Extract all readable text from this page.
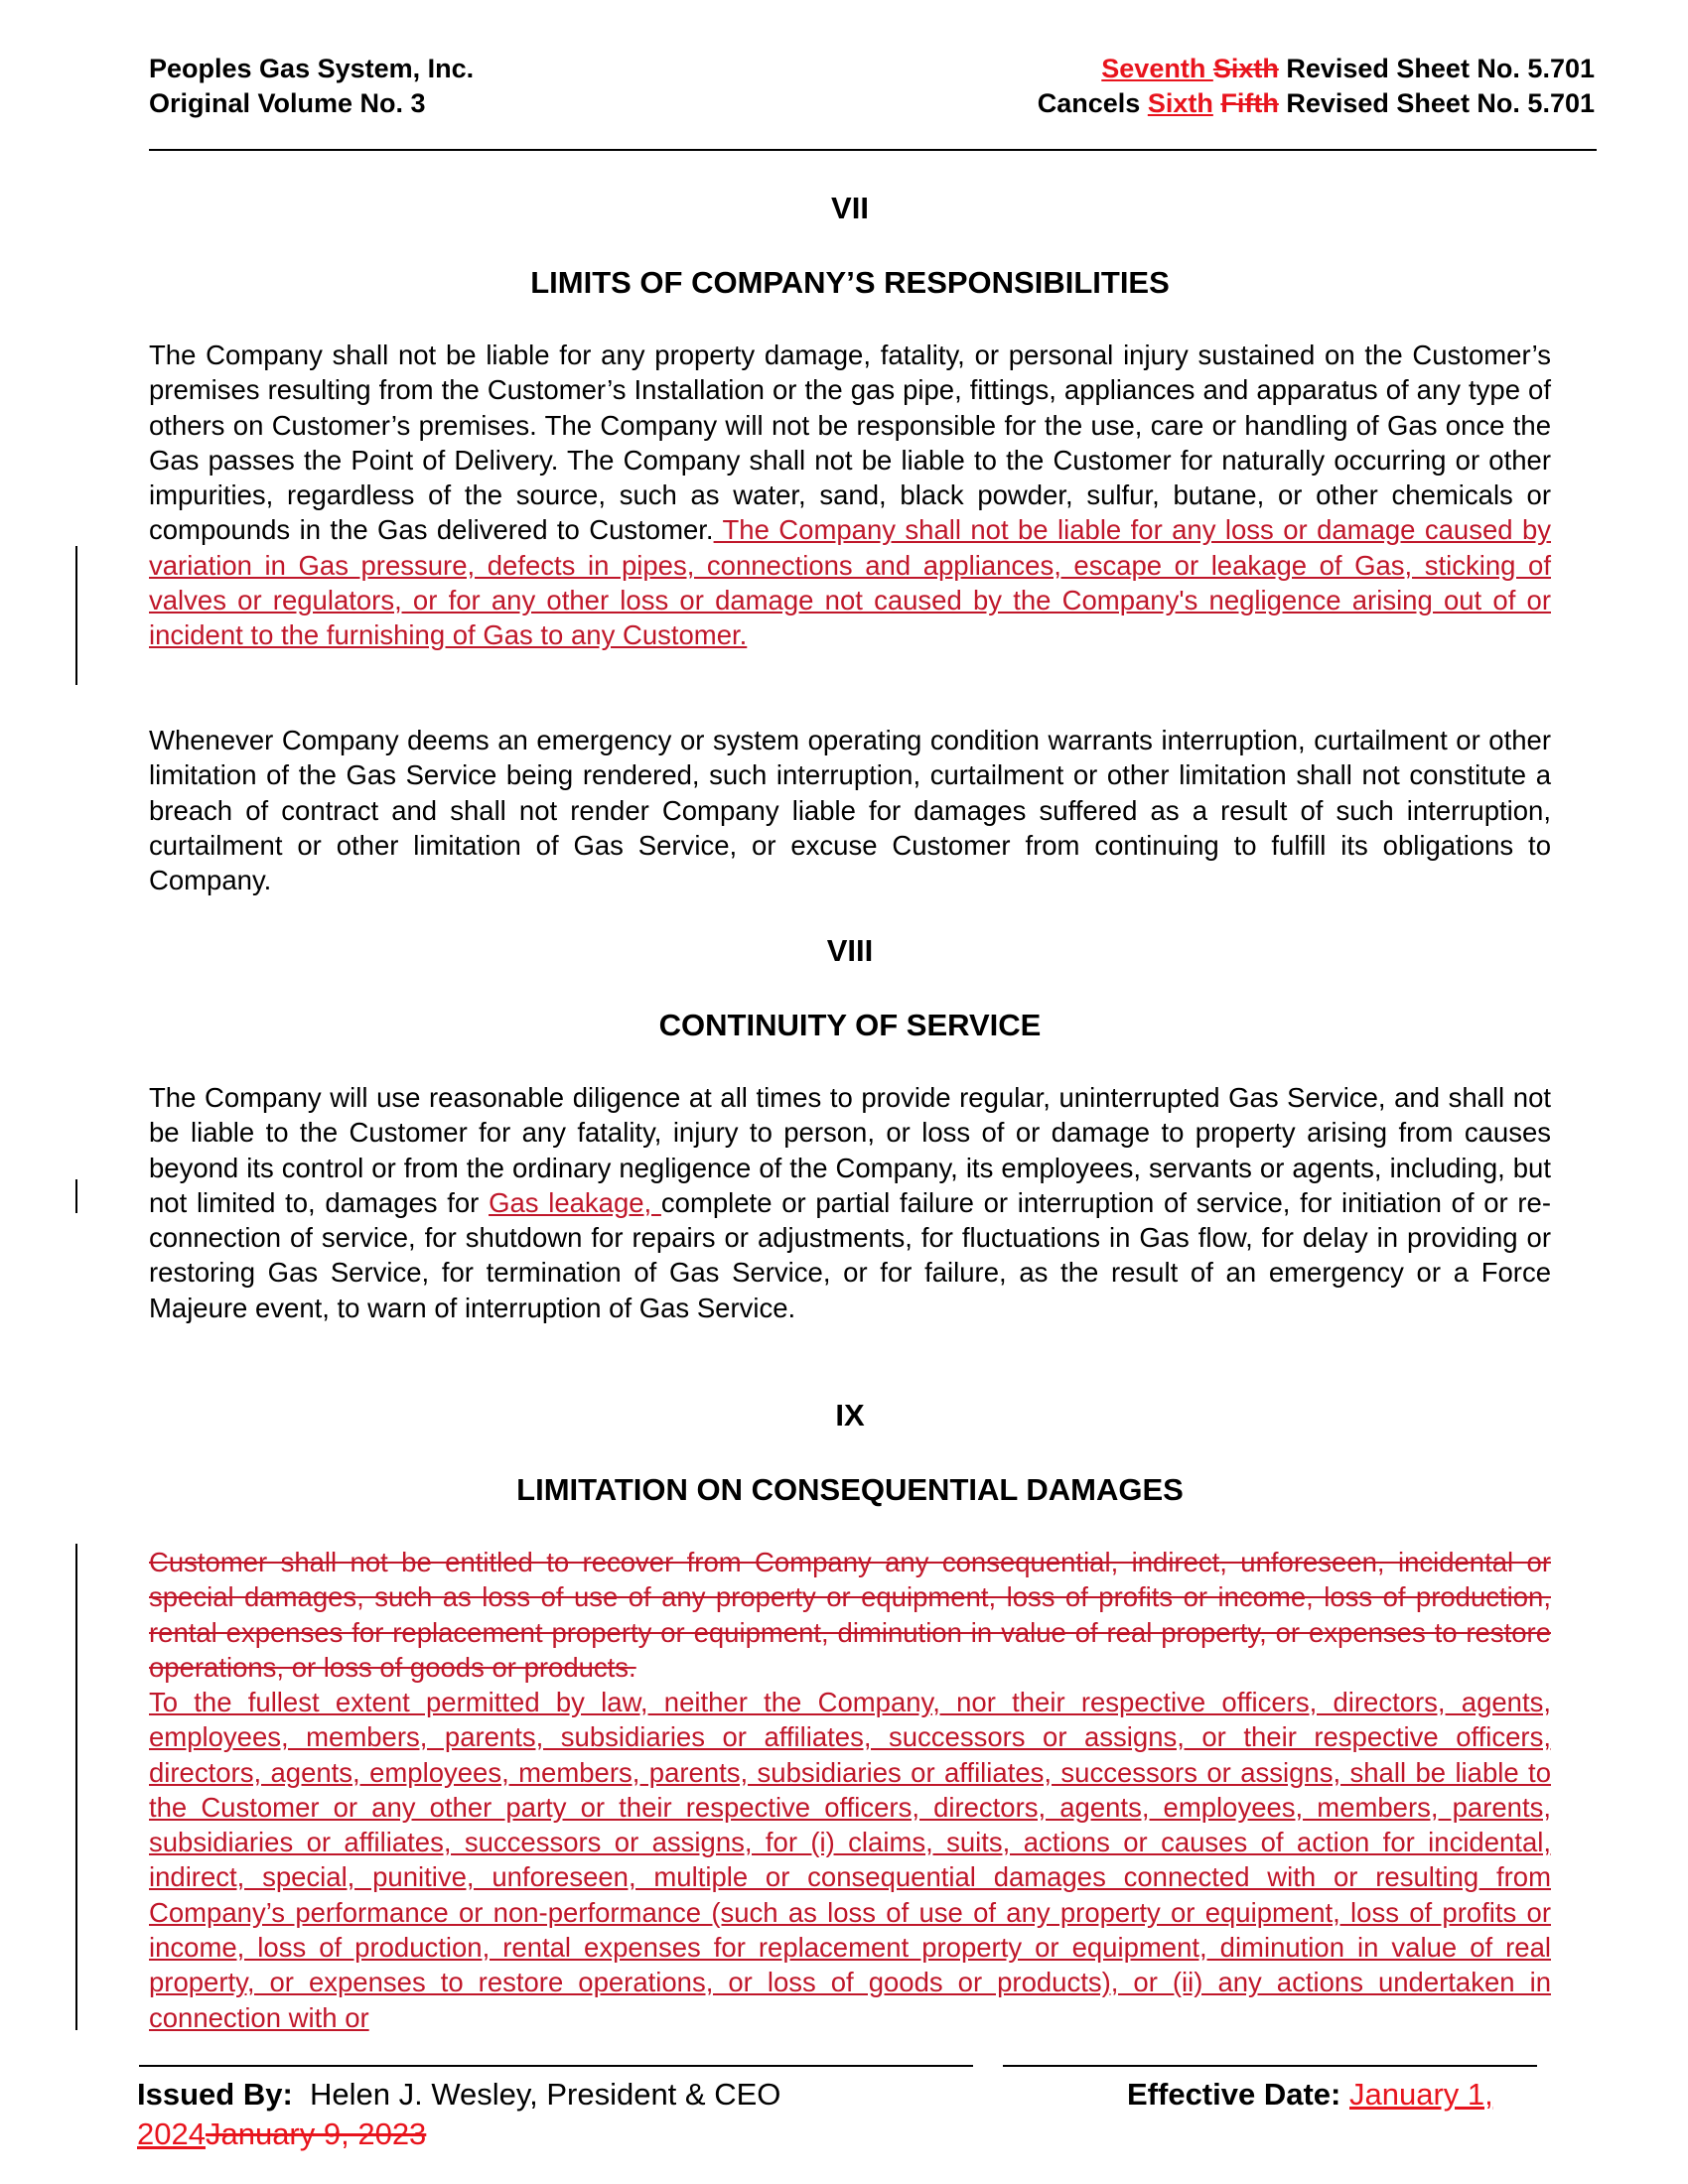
Peoples Gas System, Inc.
Original Volume No. 3
Seventh Sixth Revised Sheet No. 5.701
Cancels Sixth Fifth Revised Sheet No. 5.701
VII
LIMITS OF COMPANY’S RESPONSIBILITIES
The Company shall not be liable for any property damage, fatality, or personal injury sustained on the Customer’s premises resulting from the Customer’s Installation or the gas pipe, fittings, appliances and apparatus of any type of others on Customer’s premises. The Company will not be responsible for the use, care or handling of Gas once the Gas passes the Point of Delivery. The Company shall not be liable to the Customer for naturally occurring or other impurities, regardless of the source, such as water, sand, black powder, sulfur, butane, or other chemicals or compounds in the Gas delivered to Customer. The Company shall not be liable for any loss or damage caused by variation in Gas pressure, defects in pipes, connections and appliances, escape or leakage of Gas, sticking of valves or regulators, or for any other loss or damage not caused by the Company's negligence arising out of or incident to the furnishing of Gas to any Customer.
Whenever Company deems an emergency or system operating condition warrants interruption, curtailment or other limitation of the Gas Service being rendered, such interruption, curtailment or other limitation shall not constitute a breach of contract and shall not render Company liable for damages suffered as a result of such interruption, curtailment or other limitation of Gas Service, or excuse Customer from continuing to fulfill its obligations to Company.
VIII
CONTINUITY OF SERVICE
The Company will use reasonable diligence at all times to provide regular, uninterrupted Gas Service, and shall not be liable to the Customer for any fatality, injury to person, or loss of or damage to property arising from causes beyond its control or from the ordinary negligence of the Company, its employees, servants or agents, including, but not limited to, damages for Gas leakage, complete or partial failure or interruption of service, for initiation of or re-connection of service, for shutdown for repairs or adjustments, for fluctuations in Gas flow, for delay in providing or restoring Gas Service, for termination of Gas Service, or for failure, as the result of an emergency or a Force Majeure event, to warn of interruption of Gas Service.
IX
LIMITATION ON CONSEQUENTIAL DAMAGES
Customer shall not be entitled to recover from Company any consequential, indirect, unforeseen, incidental or special damages, such as loss of use of any property or equipment, loss of profits or income, loss of production, rental expenses for replacement property or equipment, diminution in value of real property, or expenses to restore operations, or loss of goods or products.
To the fullest extent permitted by law, neither the Company, nor their respective officers, directors, agents, employees, members, parents, subsidiaries or affiliates, successors or assigns, or their respective officers, directors, agents, employees, members, parents, subsidiaries or affiliates, successors or assigns, shall be liable to the Customer or any other party or their respective officers, directors, agents, employees, members, parents, subsidiaries or affiliates, successors or assigns, for (i) claims, suits, actions or causes of action for incidental, indirect, special, punitive, unforeseen, multiple or consequential damages connected with or resulting from Company’s performance or non-performance (such as loss of use of any property or equipment, loss of profits or income, loss of production, rental expenses for replacement property or equipment, diminution in value of real property, or expenses to restore operations, or loss of goods or products), or (ii) any actions undertaken in connection with or
Issued By:  Helen J. Wesley, President & CEO	Effective Date: January 1,
2024January 9, 2023
